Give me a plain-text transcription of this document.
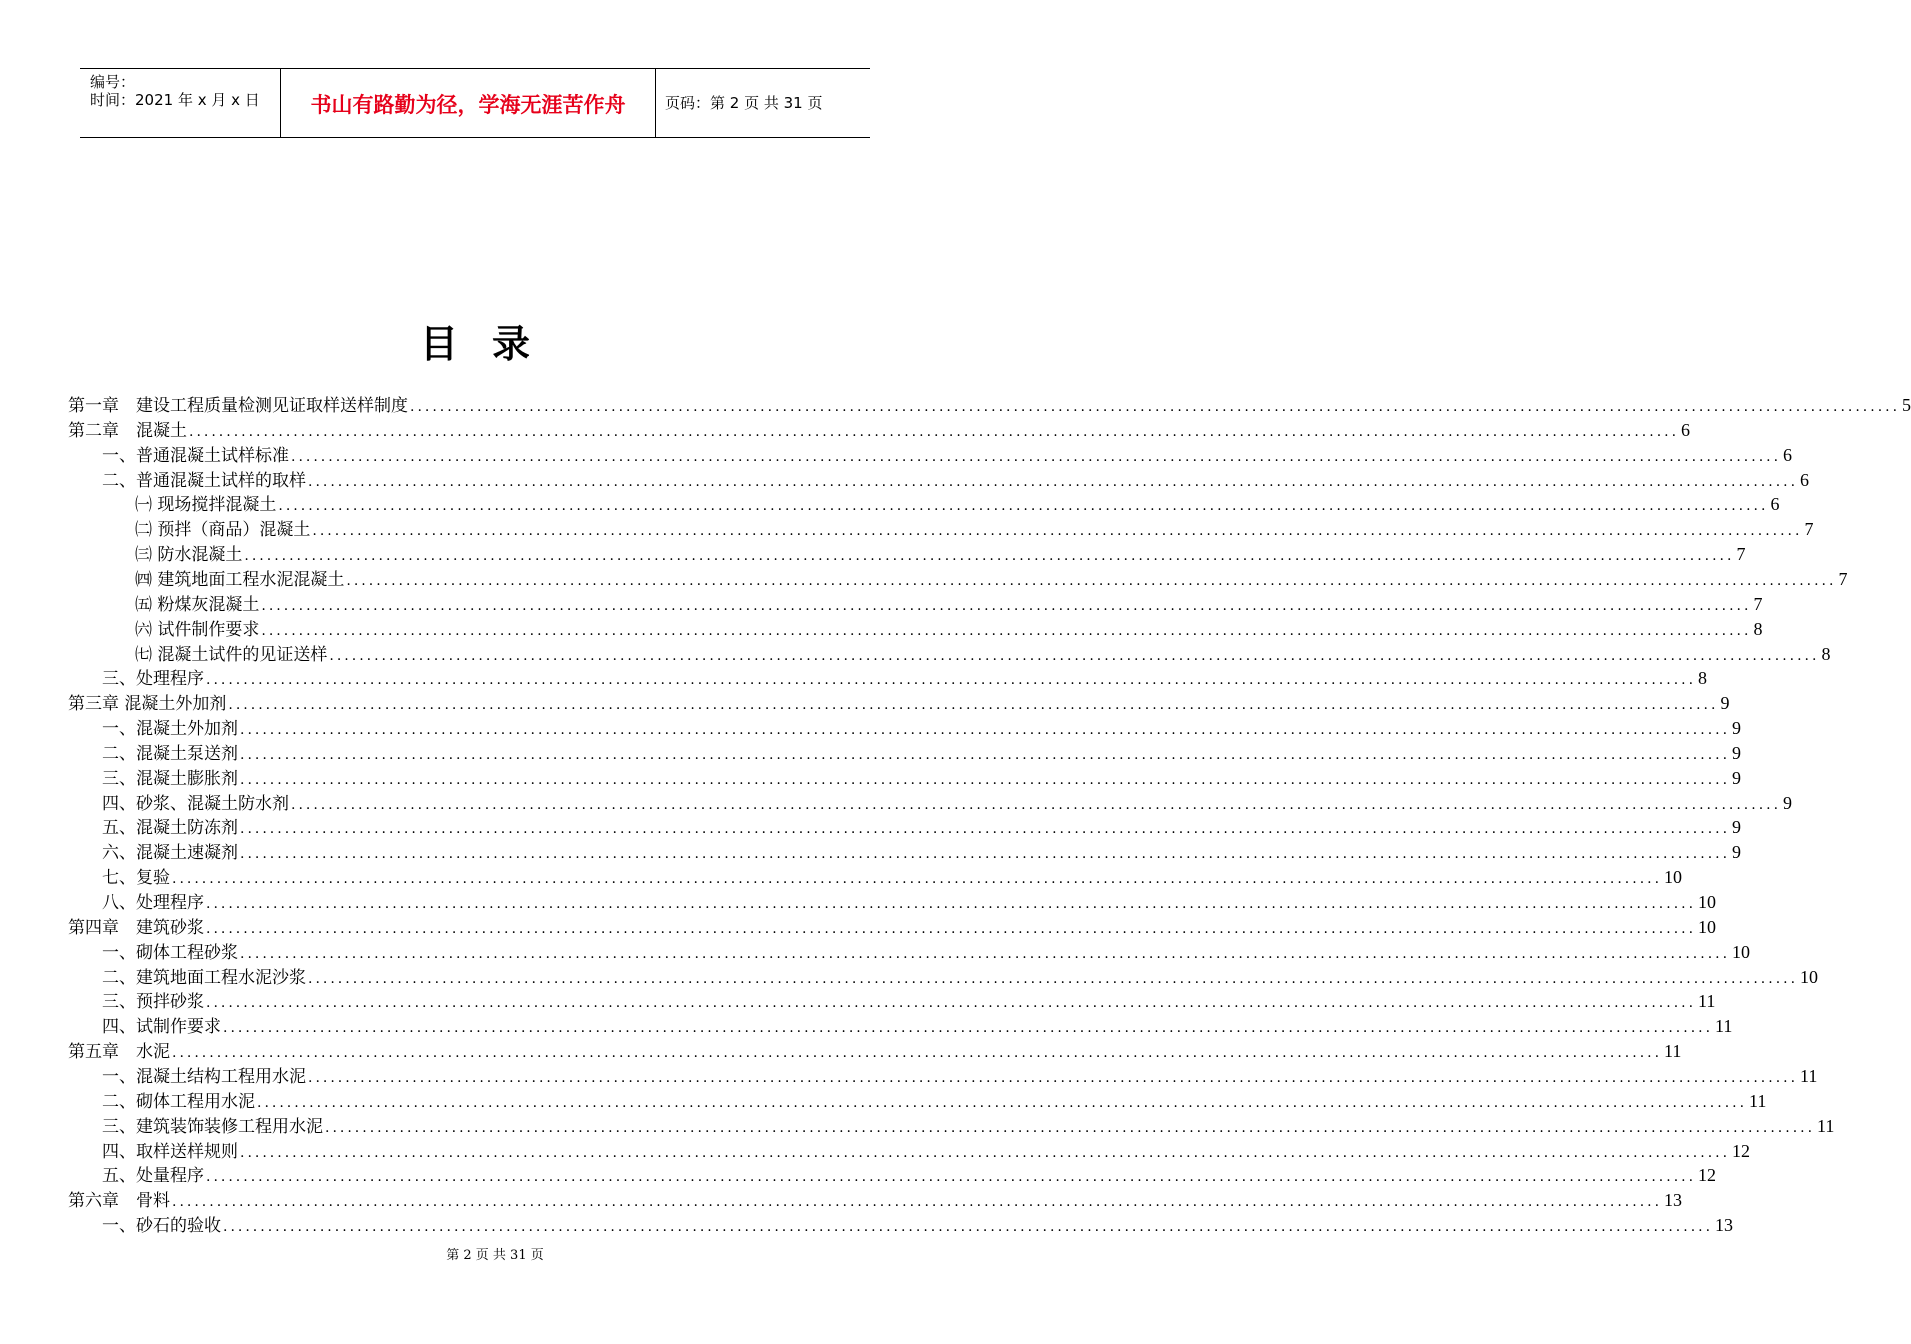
编号：
时间：2021 年 x 月 x 日	书山有路勤为径，学海无涯苦作舟	页码：第 2 页 共 31 页
目录
第一章　建设工程质量检测见证取样送样制度 ........................................................................................................................................................................................................ 5
第二章　混凝土 ........................................................................................................................................................................................................ 6
一、普通混凝土试样标准 ........................................................................................................................................................................................................ 6
二、普通混凝土试样的取样 ........................................................................................................................................................................................................ 6
㈠ 现场搅拌混凝土 ........................................................................................................................................................................................................ 6
㈡ 预拌（商品）混凝土 ........................................................................................................................................................................................................ 7
㈢ 防水混凝土 ........................................................................................................................................................................................................ 7
㈣ 建筑地面工程水泥混凝土 ........................................................................................................................................................................................................ 7
㈤ 粉煤灰混凝土 ........................................................................................................................................................................................................ 7
㈥ 试件制作要求 ........................................................................................................................................................................................................ 8
㈦ 混凝土试件的见证送样 ........................................................................................................................................................................................................ 8
三、处理程序 ........................................................................................................................................................................................................ 8
第三章 混凝土外加剂 ........................................................................................................................................................................................................ 9
一、混凝土外加剂 ........................................................................................................................................................................................................ 9
二、混凝土泵送剂 ........................................................................................................................................................................................................ 9
三、混凝土膨胀剂 ........................................................................................................................................................................................................ 9
四、砂浆、混凝土防水剂 ........................................................................................................................................................................................................ 9
五、混凝土防冻剂 ........................................................................................................................................................................................................ 9
六、混凝土速凝剂 ........................................................................................................................................................................................................ 9
七、复验 ........................................................................................................................................................................................................ 10
八、处理程序 ........................................................................................................................................................................................................ 10
第四章　建筑砂浆 ........................................................................................................................................................................................................ 10
一、砌体工程砂浆 ........................................................................................................................................................................................................ 10
二、建筑地面工程水泥沙浆 ........................................................................................................................................................................................................ 10
三、预拌砂浆 ........................................................................................................................................................................................................ 11
四、试制作要求 ........................................................................................................................................................................................................ 11
第五章　水泥 ........................................................................................................................................................................................................ 11
一、混凝土结构工程用水泥 ........................................................................................................................................................................................................ 11
二、砌体工程用水泥 ........................................................................................................................................................................................................ 11
三、建筑装饰装修工程用水泥 ........................................................................................................................................................................................................ 11
四、取样送样规则 ........................................................................................................................................................................................................ 12
五、处量程序 ........................................................................................................................................................................................................ 12
第六章　骨料 ........................................................................................................................................................................................................ 13
一、砂石的验收 ........................................................................................................................................................................................................ 13
第 2 页 共 31 页
